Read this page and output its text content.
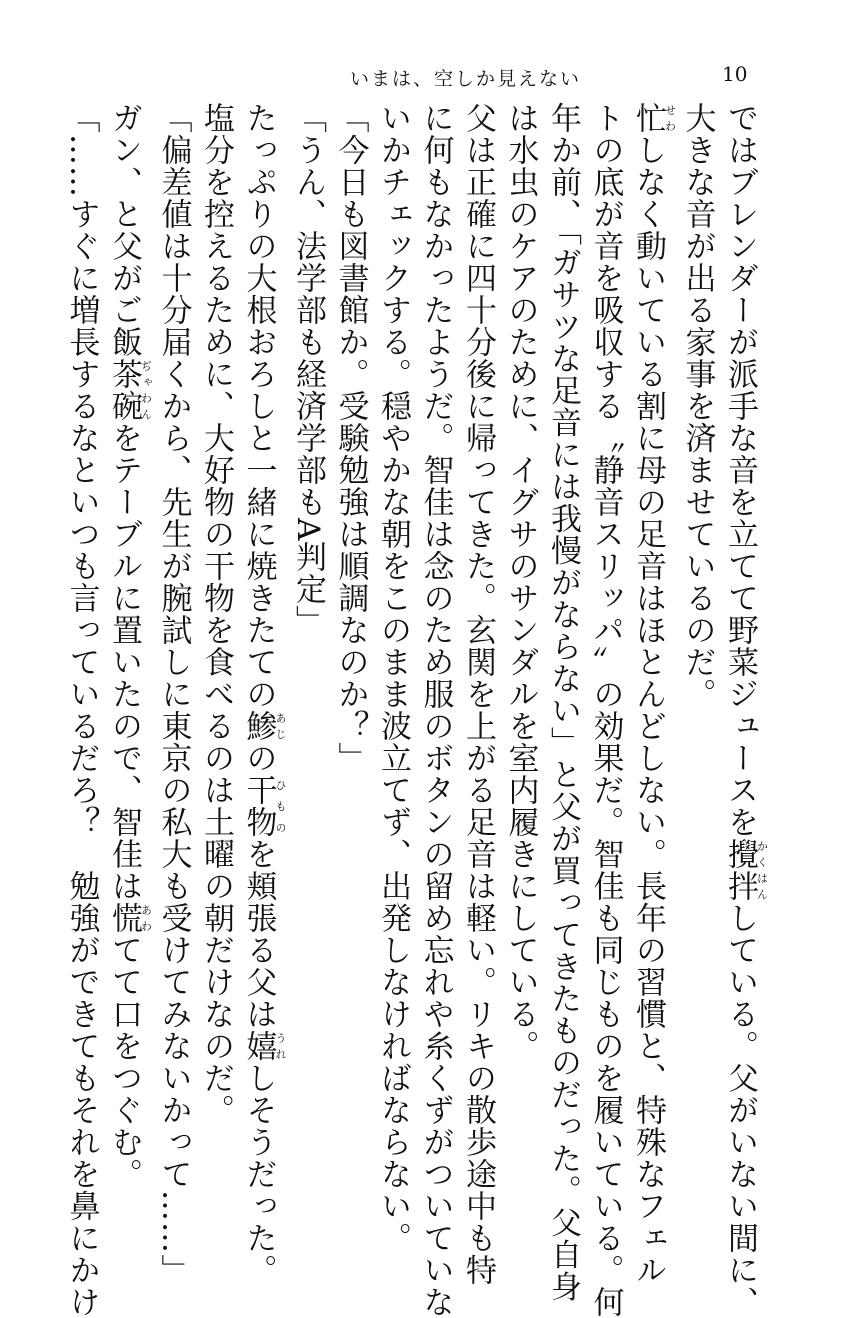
いまは、空しか見えない	10
ではブレンダーが派手な音を立てて野菜ジュースを攪拌かくはんしている。父がいない間に、
大きな音が出る家事を済ませているのだ。
忙せわしなく動いている割に母の足音はほとんどしない。長年の習慣と、特殊なフェル
トの底が音を吸収する〝静音スリッパ〟の効果だ。智佳も同じものを履いている。何
年か前、「ガサツな足音には我慢がならない」と父が買ってきたものだった。父自身
は水虫のケアのために、イグサのサンダルを室内履きにしている。
父は正確に四十分後に帰ってきた。玄関を上がる足音は軽い。リキの散歩途中も特
に何もなかったようだ。智佳は念のため服のボタンの留め忘れや糸くずがついていな
いかチェックする。穏やかな朝をこのまま波立てず、出発しなければならない。
「今日も図書館か。受験勉強は順調なのか？」
「うん、法学部も経済学部もA判定」
たっぷりの大根おろしと一緒に焼きたての鯵あじの干物ひものを頬張る父は嬉うれしそうだった。
塩分を控えるために、大好物の干物を食べるのは土曜の朝だけなのだ。
「偏差値は十分届くから、先生が腕試しに東京の私大も受けてみないかって……」
ガン、と父がご飯茶碗ぢゃわんをテーブルに置いたので、智佳は慌あわてて口をつぐむ。
「……すぐに増長するなといつも言っているだろ？　勉強ができてもそれを鼻にかけ
